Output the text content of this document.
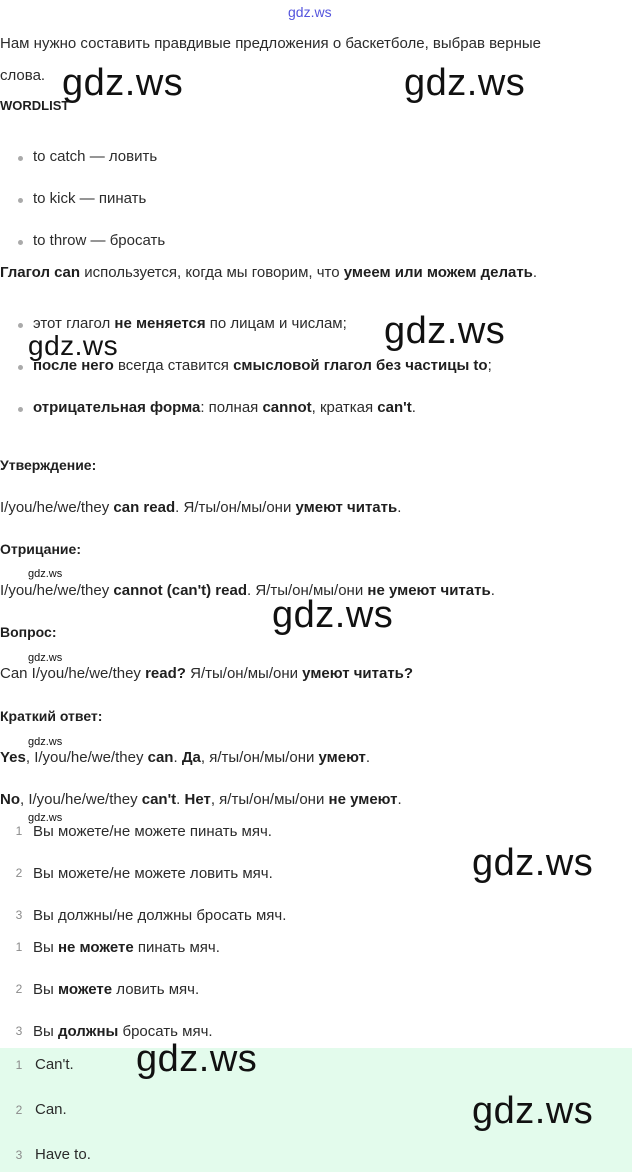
gdz.ws
Нам нужно составить правдивые предложения о баскетболе, выбрав верные
слова.
WORDLIST
to catch — ловить
to kick — пинать
to throw — бросать
Глагол can используется, когда мы говорим, что умеем или можем делать.
этот глагол не меняется по лицам и числам;
после него всегда ставится смысловой глагол без частицы to;
отрицательная форма: полная cannot, краткая can't.
Утверждение:
I/you/he/we/they can read. Я/ты/он/мы/они умеют читать.
Отрицание:
I/you/he/we/they cannot (can't) read. Я/ты/он/мы/они не умеют читать.
Вопрос:
Can I/you/he/we/they read? Я/ты/он/мы/они умеют читать?
Краткий ответ:
Yes, I/you/he/we/they can. Да, я/ты/он/мы/они умеют.
No, I/you/he/we/they can't. Нет, я/ты/он/мы/они не умеют.
1 Вы можете/не можете пинать мяч.
2 Вы можете/не можете ловить мяч.
3 Вы должны/не должны бросать мяч.
1 Вы не можете пинать мяч.
2 Вы можете ловить мяч.
3 Вы должны бросать мяч.
1 Can't.
2 Can.
3 Have to.
gdz.ws	gdz.ws
gdz.ws
gdz.ws
gdz.ws
gdz.ws
gdz.ws
gdz.ws
gdz.ws
gdz.ws
gdz.ws
gdz.ws
